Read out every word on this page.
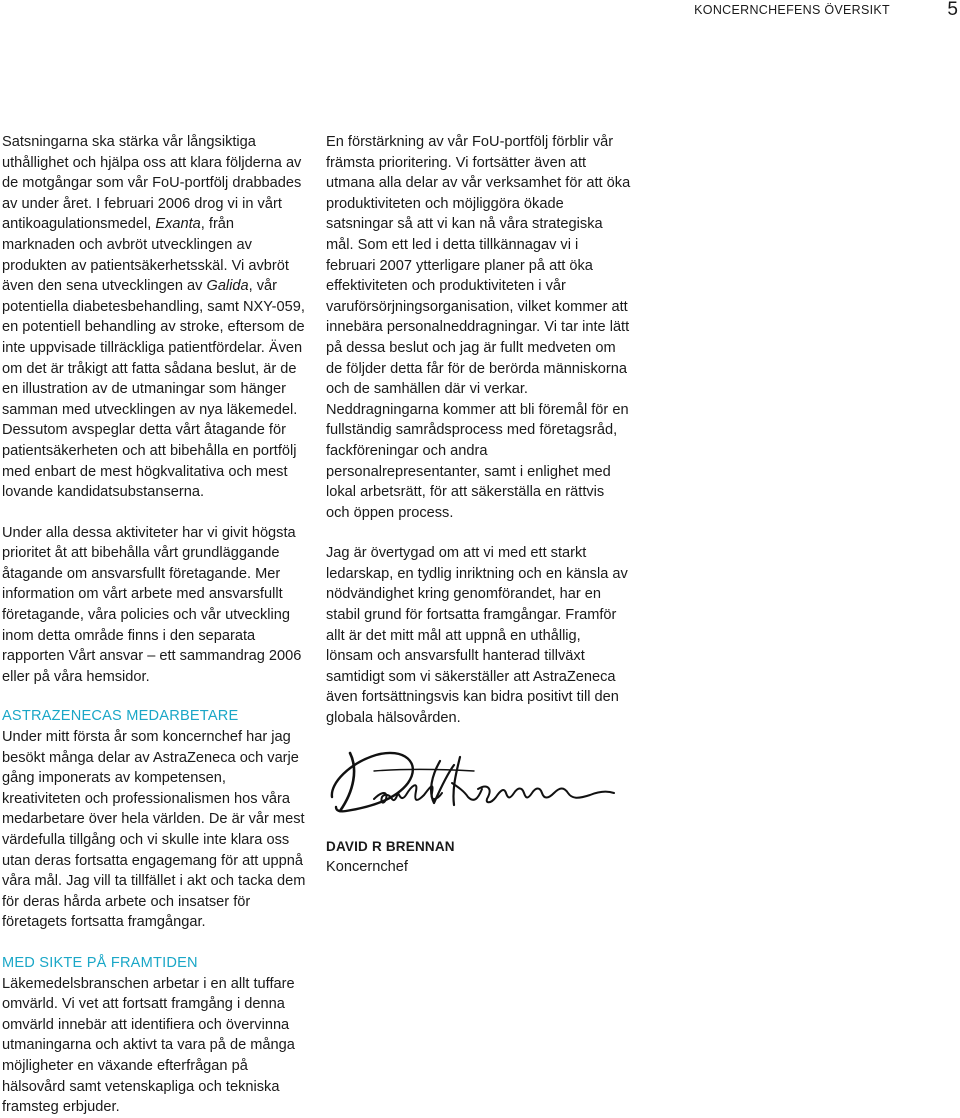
KONCERNCHEFENS ÖVERSIKT	5

Satsningarna ska stärka vår långsiktiga uthållighet och hjälpa oss att klara följderna av de motgångar som vår FoU-portfölj drabbades av under året. I februari 2006 drog vi in vårt antikoagulationsmedel, Exanta, från marknaden och avbröt utvecklingen av produkten av patientsäkerhetsskäl. Vi avbröt även den sena utvecklingen av Galida, vår potentiella diabetesbehandling, samt NXY-059, en potentiell behandling av stroke, eftersom de inte uppvisade tillräckliga patientfördelar. Även om det är tråkigt att fatta sådana beslut, är de en illustration av de utmaningar som hänger samman med utvecklingen av nya läkemedel. Dessutom avspeglar detta vårt åtagande för patientsäkerheten och att bibehålla en portfölj med enbart de mest högkvalitativa och mest lovande kandidatsubstanserna.

Under alla dessa aktiviteter har vi givit högsta prioritet åt att bibehålla vårt grundläggande åtagande om ansvarsfullt företagande. Mer information om vårt arbete med ansvarsfullt företagande, våra policies och vår utveckling inom detta område finns i den separata rapporten Vårt ansvar – ett sammandrag 2006 eller på våra hemsidor.

ASTRAZENECAS MEDARBETARE

Under mitt första år som koncernchef har jag besökt många delar av AstraZeneca och varje gång imponerats av kompetensen, kreativiteten och professionalismen hos våra medarbetare över hela världen. De är vår mest värdefulla tillgång och vi skulle inte klara oss utan deras fortsatta engagemang för att uppnå våra mål. Jag vill ta tillfället i akt och tacka dem för deras hårda arbete och insatser för företagets fortsatta framgångar.

MED SIKTE PÅ FRAMTIDEN

Läkemedelsbranschen arbetar i en allt tuffare omvärld. Vi vet att fortsatt framgång i denna omvärld innebär att identifiera och övervinna utmaningarna och aktivt ta vara på de många möjligheter en växande efterfrågan på hälsovård samt vetenskapliga och tekniska framsteg erbjuder.

En förstärkning av vår FoU-portfölj förblir vår främsta prioritering. Vi fortsätter även att utmana alla delar av vår verksamhet för att öka produktiviteten och möjliggöra ökade satsningar så att vi kan nå våra strategiska mål. Som ett led i detta tillkännagav vi i februari 2007 ytterligare planer på att öka effektiviteten och produktiviteten i vår varuförsörjningsorganisation, vilket kommer att innebära personalneddragningar. Vi tar inte lätt på dessa beslut och jag är fullt medveten om de följder detta får för de berörda människorna och de samhällen där vi verkar. Neddragningarna kommer att bli föremål för en fullständig samrådsprocess med företagsråd, fackföreningar och andra personalrepresentanter, samt i enlighet med lokal arbetsrätt, för att säkerställa en rättvis och öppen process.

Jag är övertygad om att vi med ett starkt ledarskap, en tydlig inriktning och en känsla av nödvändighet kring genomförandet, har en stabil grund för fortsatta framgångar. Framför allt är det mitt mål att uppnå en uthållig, lönsam och ansvarsfullt hanterad tillväxt samtidigt som vi säkerställer att AstraZeneca även fortsättningsvis kan bidra positivt till den globala hälsovården.

DAVID R BRENNAN

Koncernchef
